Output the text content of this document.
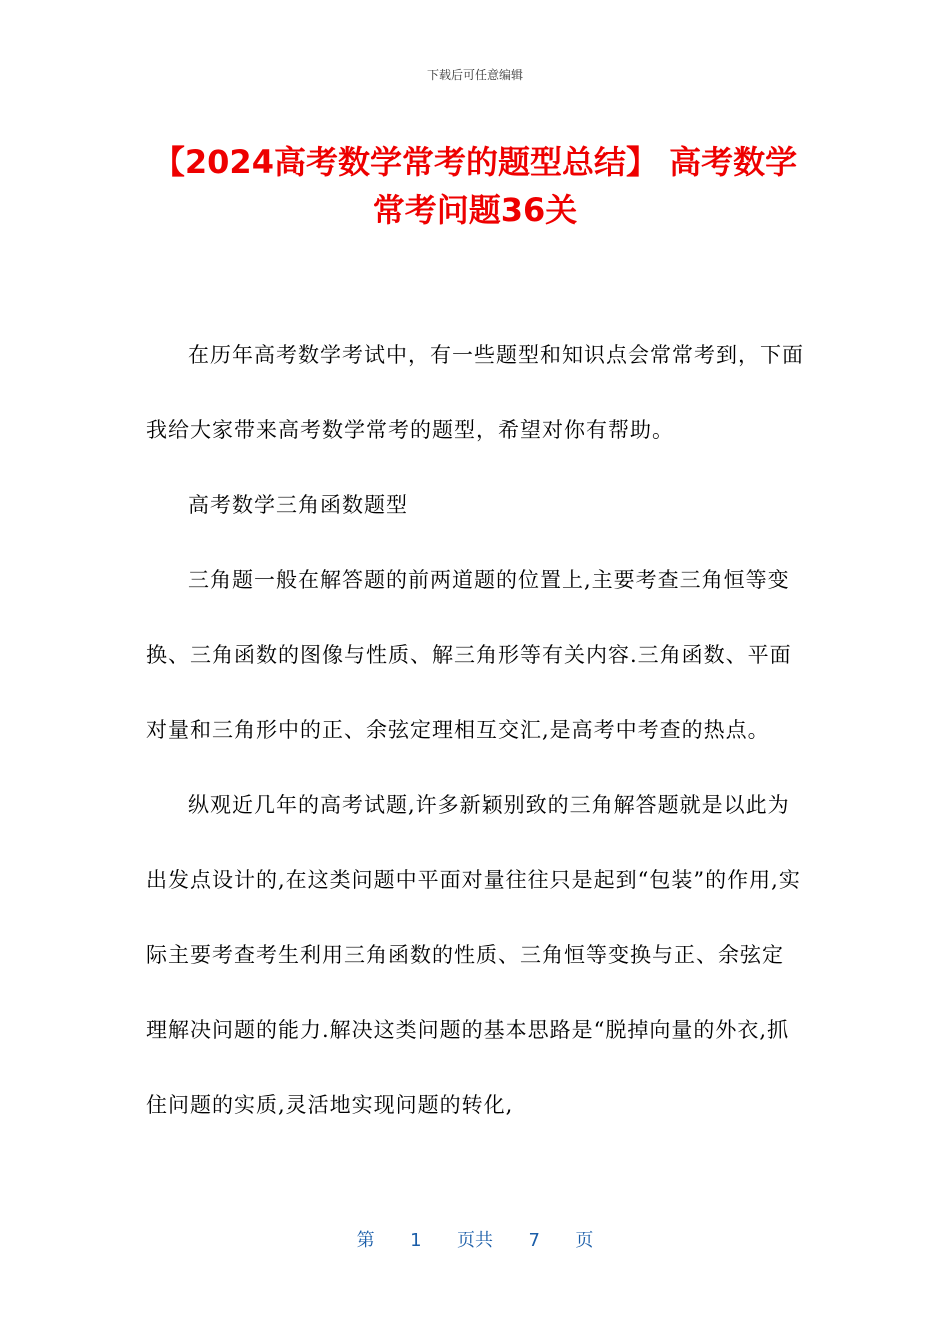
下载后可任意编辑
【2024高考数学常考的题型总结】 高考数学常考问题36关

在历年高考数学考试中，有一些题型和知识点会常常考到，下面我给大家带来高考数学常考的题型，希望对你有帮助。

高考数学三角函数题型

三角题一般在解答题的前两道题的位置上,主要考查三角恒等变换、三角函数的图像与性质、解三角形等有关内容.三角函数、平面对量和三角形中的正、余弦定理相互交汇,是高考中考查的热点。

纵观近几年的高考试题,许多新颖别致的三角解答题就是以此为出发点设计的,在这类问题中平面对量往往只是起到“包装”的作用,实际主要考查考生利用三角函数的性质、三角恒等变换与正、余弦定理解决问题的能力.解决这类问题的基本思路是“脱掉向量的外衣,抓住问题的实质,灵活地实现问题的转化,

第 1 页共 7 页
